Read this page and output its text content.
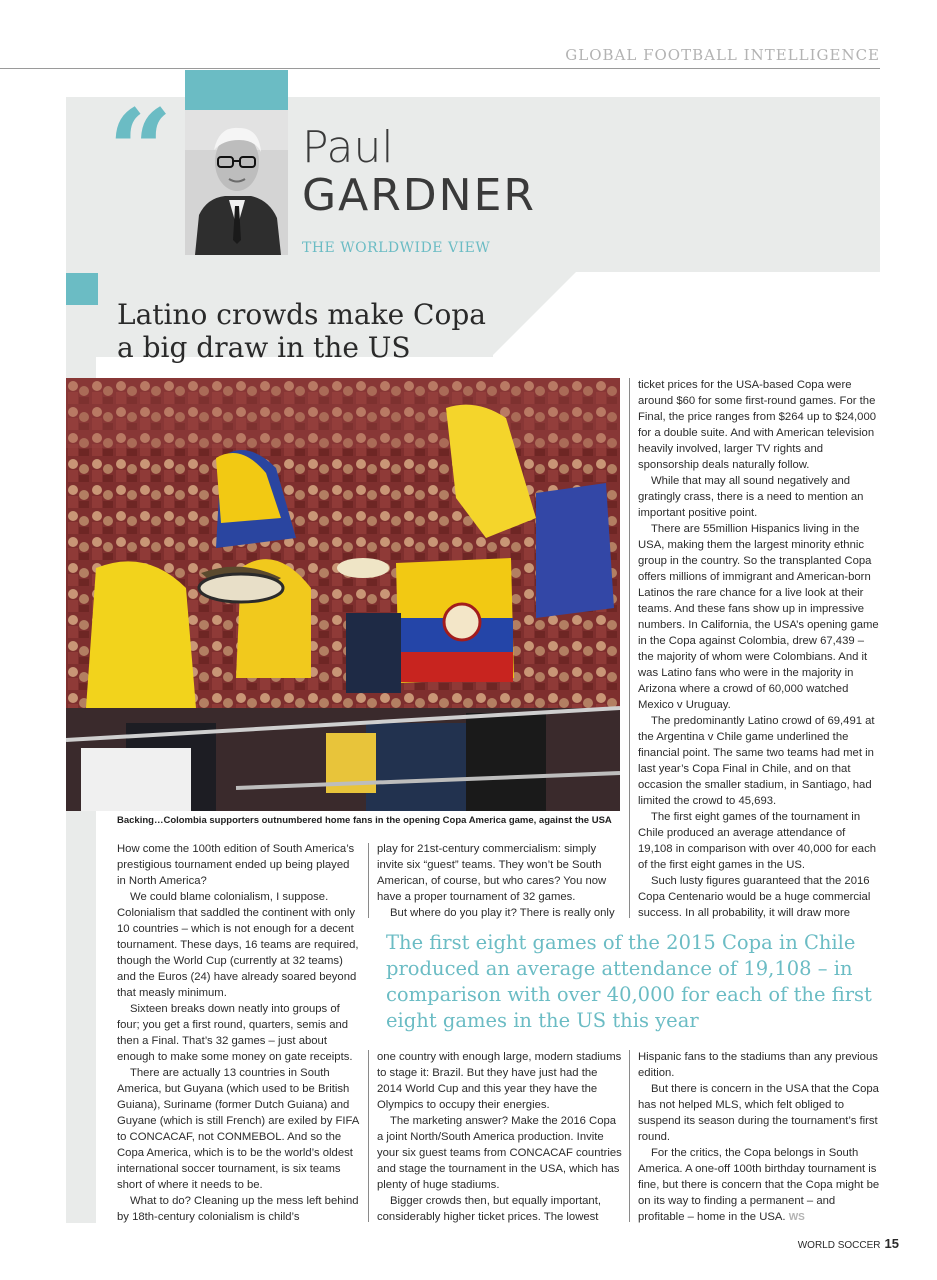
GLOBAL FOOTBALL INTELLIGENCE
“	Paul
GARDNER
THE WORLDWIDE VIEW
Latino crowds make Copa a big draw in the US
Backing…Colombia supporters outnumbered home fans in the opening Copa America game, against the USA

How come the 100th edition of South America’s prestigious tournament ended up being played in North America?

We could blame colonialism, I suppose. Colonialism that saddled the continent with only 10 countries – which is not enough for a decent tournament. These days, 16 teams are required, though the World Cup (currently at 32 teams) and the Euros (24) have already soared beyond that measly minimum.

Sixteen breaks down neatly into groups of four; you get a first round, quarters, semis and then a Final. That’s 32 games – just about enough to make some money on gate receipts.

There are actually 13 countries in South America, but Guyana (which used to be British Guiana), Suriname (former Dutch Guiana) and Guyane (which is still French) are exiled by FIFA to CONCACAF, not CONMEBOL. And so the Copa America, which is to be the world’s oldest international soccer tournament, is six teams short of where it needs to be.

What to do? Cleaning up the mess left behind by 18th-century colonialism is child’s

play for 21st-century commercialism: simply invite six “guest” teams. They won’t be South American, of course, but who cares? You now have a proper tournament of 32 games.

But where do you play it? There is really only

ticket prices for the USA-based Copa were around $60 for some first-round games. For the Final, the price ranges from $264 up to $24,000 for a double suite. And with American television heavily involved, larger TV rights and sponsorship deals naturally follow.

While that may all sound negatively and gratingly crass, there is a need to mention an important positive point.

There are 55million Hispanics living in the USA, making them the largest minority ethnic group in the country. So the transplanted Copa offers millions of immigrant and American-born Latinos the rare chance for a live look at their teams. And these fans show up in impressive numbers. In California, the USA’s opening game in the Copa against Colombia, drew 67,439 – the majority of whom were Colombians. And it was Latino fans who were in the majority in Arizona where a crowd of 60,000 watched Mexico v Uruguay.

The predominantly Latino crowd of 69,491 at the Argentina v Chile game underlined the financial point. The same two teams had met in last year’s Copa Final in Chile, and on that occasion the smaller stadium, in Santiago, had limited the crowd to 45,693.

The first eight games of the tournament in Chile produced an average attendance of 19,108 in comparison with over 40,000 for each of the first eight games in the US.

Such lusty figures guaranteed that the 2016 Copa Centenario would be a huge commercial success. In all probability, it will draw more

The first eight games of the 2015 Copa in Chile produced an average attendance of 19,108 – in comparison with over 40,000 for each of the first eight games in the US this year

one country with enough large, modern stadiums to stage it: Brazil. But they have just had the 2014 World Cup and this year they have the Olympics to occupy their energies.

The marketing answer? Make the 2016 Copa a joint North/South America production. Invite your six guest teams from CONCACAF countries and stage the tournament in the USA, which has plenty of huge stadiums.

Bigger crowds then, but equally important, considerably higher ticket prices. The lowest

Hispanic fans to the stadiums than any previous edition.

But there is concern in the USA that the Copa has not helped MLS, which felt obliged to suspend its season during the tournament’s first round.

For the critics, the Copa belongs in South America. A one-off 100th birthday tournament is fine, but there is concern that the Copa might be on its way to finding a permanent – and profitable – home in the USA. WS

WORLD SOCCER 15
